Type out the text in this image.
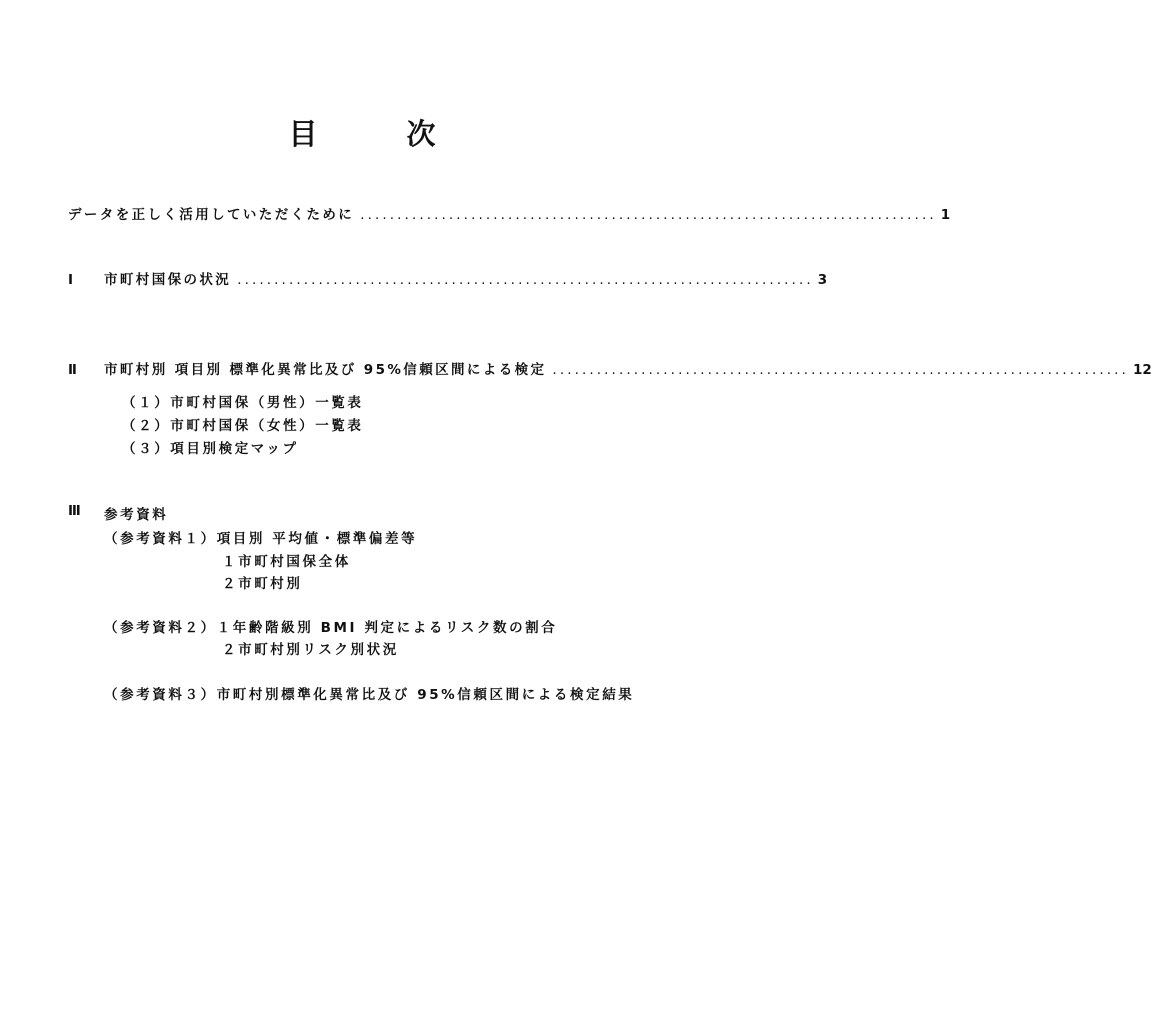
目　次
データを正しく活用していただくために .............................................................................. 1
Ⅰ	市町村国保の状況 .............................................................................. 3
Ⅱ	市町村別 項目別 標準化異常比及び 95%信頼区間による検定 .............................................................................. 12
（１）市町村国保（男性）一覧表
（２）市町村国保（女性）一覧表
（３）項目別検定マップ
Ⅲ 参考資料
（参考資料１）項目別 平均値・標準偏差等
１市町村国保全体
２市町村別
（参考資料２）１年齢階級別 BMI 判定によるリスク数の割合
２市町村別リスク別状況
（参考資料３）市町村別標準化異常比及び 95%信頼区間による検定結果
